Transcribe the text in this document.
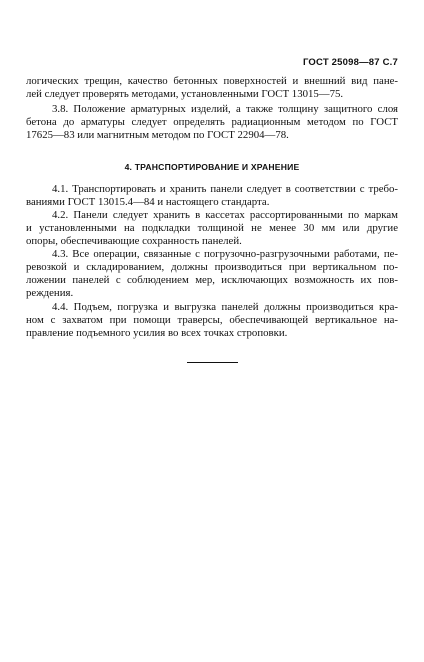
ГОСТ 25098—87 С.7
логических трещин, качество бетонных поверхностей и внешний вид пане-
лей следует проверять методами, установленными ГОСТ 13015—75.
3.8. Положение арматурных изделий, а также толщину защитного слоя
бетона до арматуры следует определять радиационным методом по ГОСТ
17625—83 или магнитным методом по ГОСТ 22904—78.
4. ТРАНСПОРТИРОВАНИЕ И ХРАНЕНИЕ
4.1. Транспортировать и хранить панели следует в соответствии с требо-
ваниями ГОСТ 13015.4—84 и настоящего стандарта.
4.2. Панели следует хранить в кассетах рассортированными по маркам
и установленными на подкладки толщиной не менее 30 мм или другие
опоры, обеспечивающие сохранность панелей.
4.3. Все операции, связанные с погрузочно-разгрузочными работами, пе-
ревозкой и складированием, должны производиться при вертикальном по-
ложении панелей с соблюдением мер, исключающих возможность их пов-
реждения.
4.4. Подъем, погрузка и выгрузка панелей должны производиться кра-
ном с захватом при помощи траверсы, обеспечивающей вертикальное на-
правление подъемного усилия во всех точках строповки.
